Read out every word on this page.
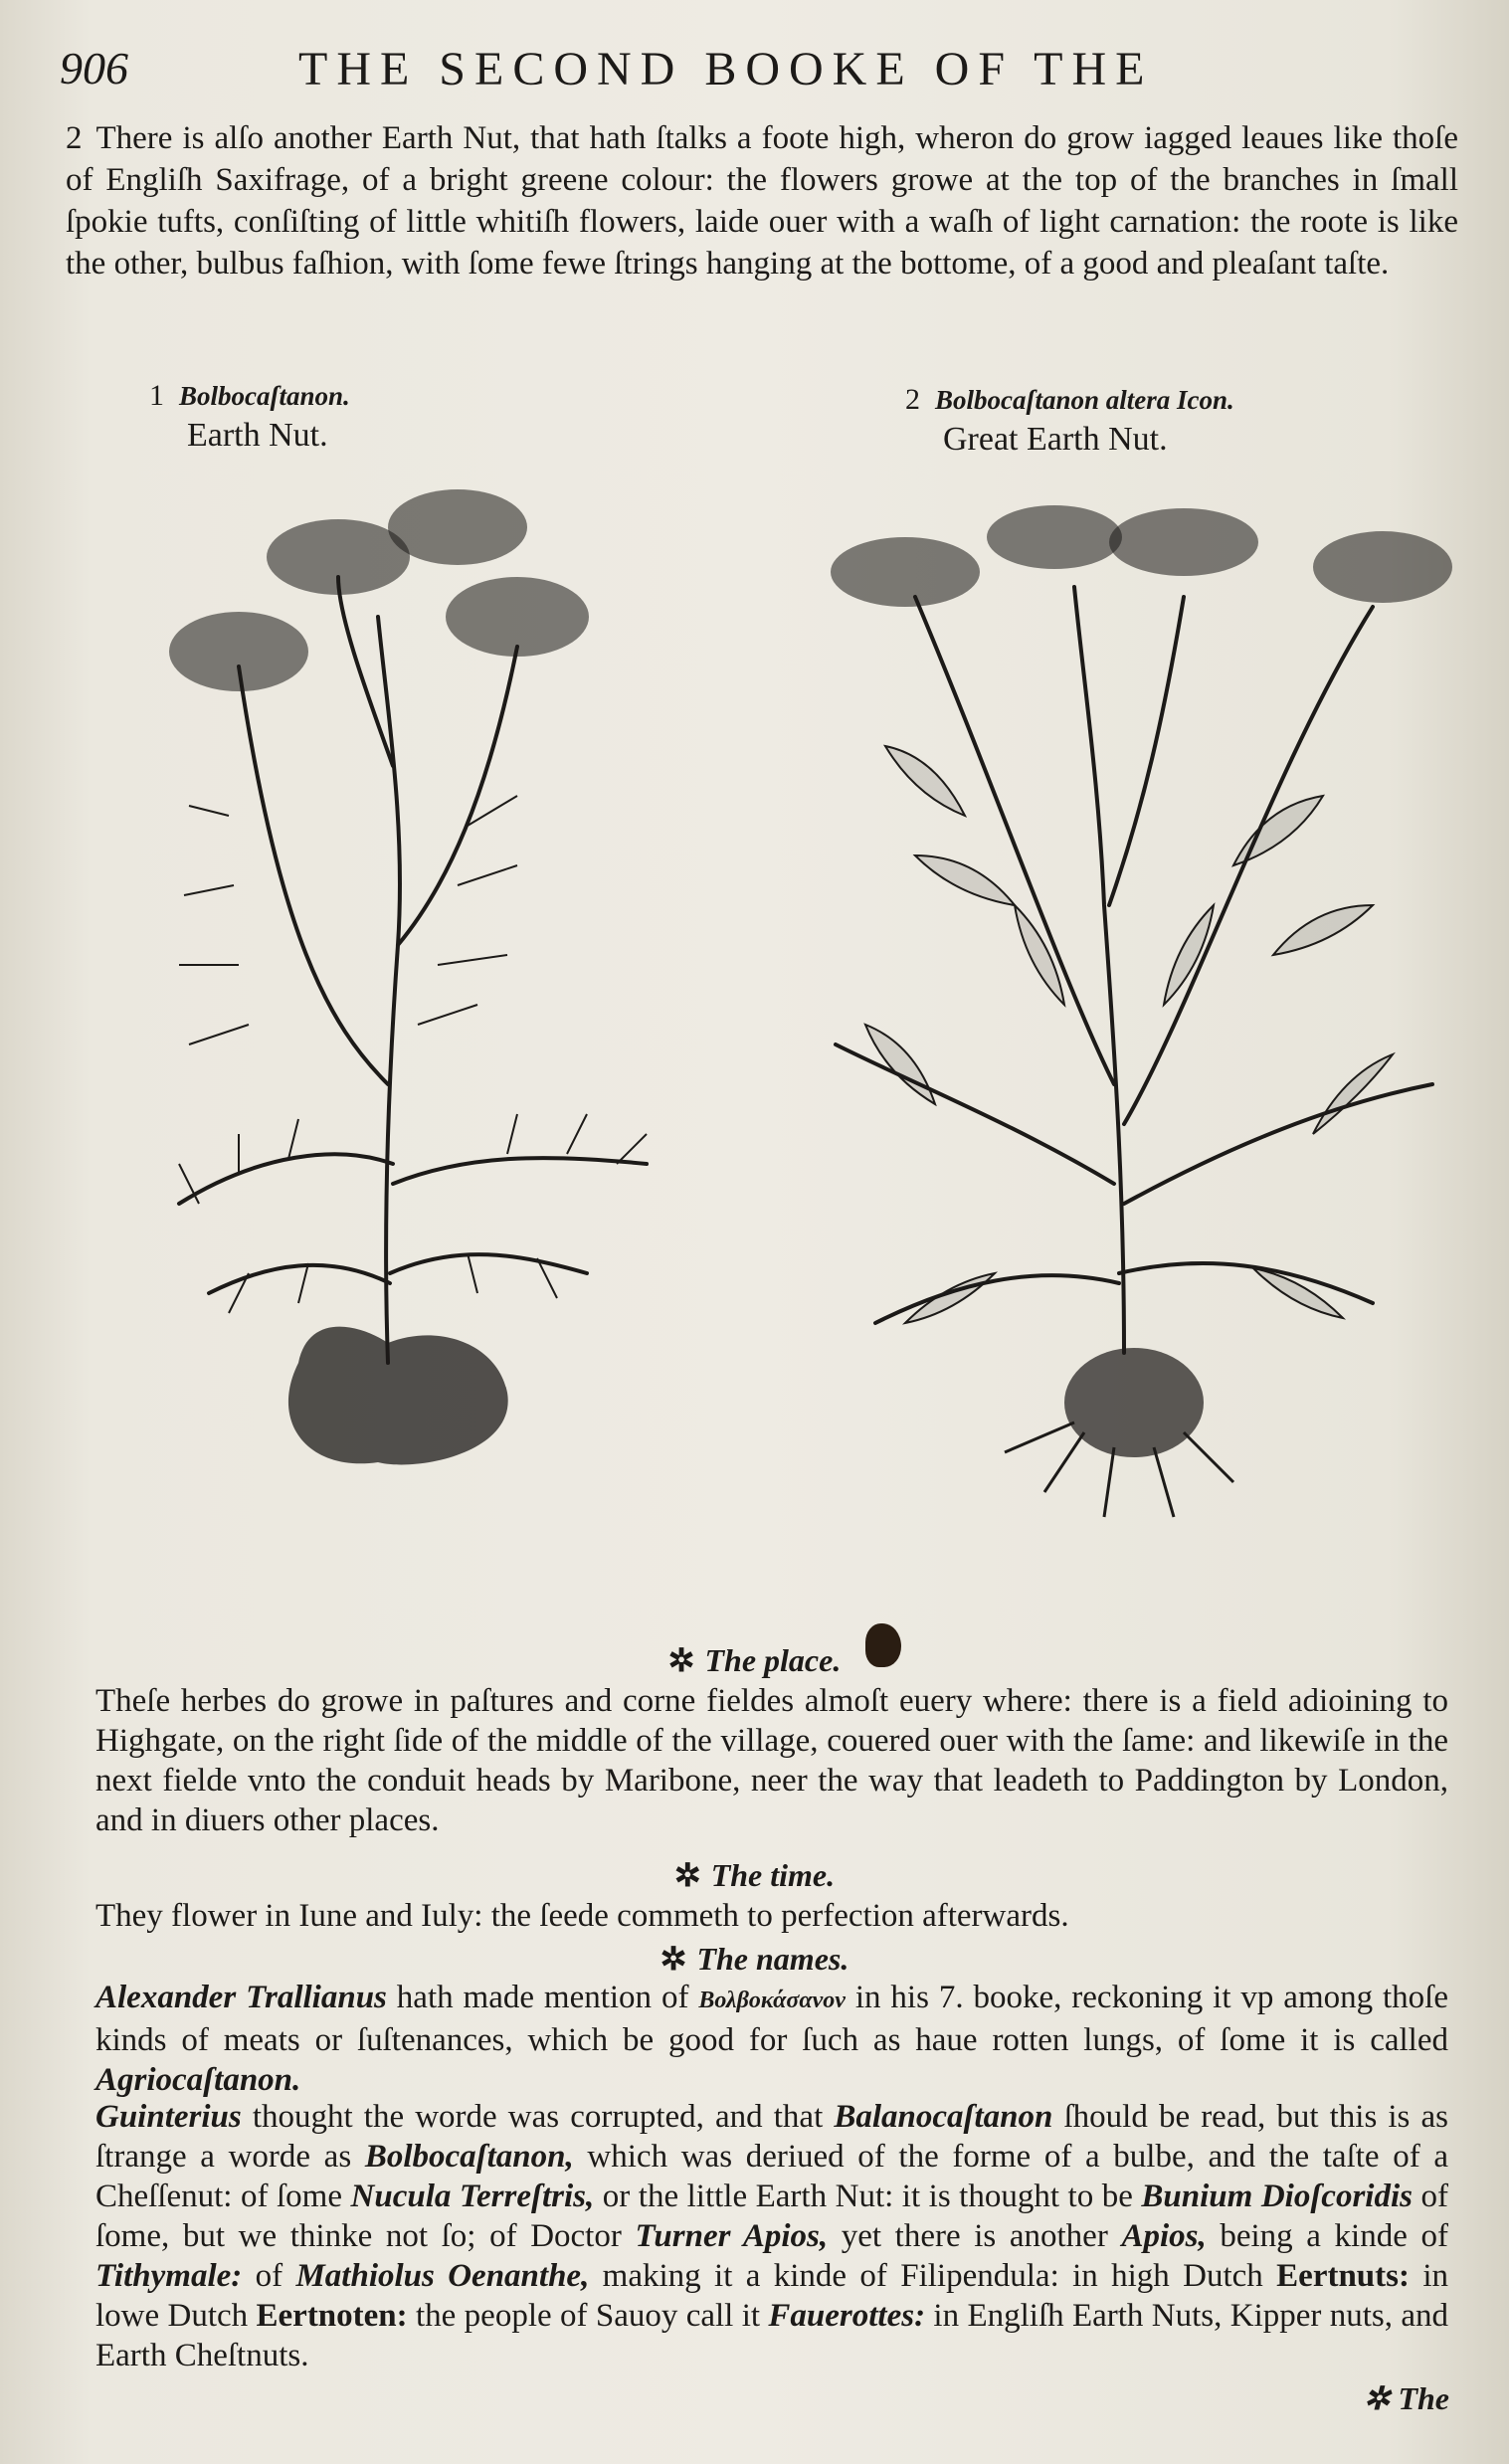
906	THE SECOND BOOKE OF THE
2 There is alſo another Earth Nut, that hath ſtalks a foote high, wheron do grow iagged leaues like thoſe of Engliſh Saxifrage, of a bright greene colour: the flowers growe at the top of the branches in ſmall ſpokie tufts, conſiſting of little whitiſh flowers, laide ouer with a waſh of light carnation: the roote is like the other, bulbus faſhion, with ſome fewe ſtrings hanging at the bottome, of a good and pleaſant taſte.
1 Bolbocaſtanon.
Earth Nut.
2 Bolbocaſtanon altera Icon.
Great Earth Nut.
✲ The place.
Theſe herbes do growe in paſtures and corne fieldes almoſt euery where: there is a field adioining to Highgate, on the right ſide of the middle of the village, couered ouer with the ſame: and likewiſe in the next fielde vnto the conduit heads by Maribone, neer the way that leadeth to Paddington by London, and in diuers other places.
✲ The time.
They flower in Iune and Iuly: the ſeede commeth to perfection afterwards.
✲ The names.
Alexander Trallianus hath made mention of Βολβοκάσανον in his 7. booke, reckoning it vp among thoſe kinds of meats or ſuſtenances, which be good for ſuch as haue rotten lungs, of ſome it is called Agriocaſtanon.
Guinterius thought the worde was corrupted, and that Balanocaſtanon ſhould be read, but this is as ſtrange a worde as Bolbocaſtanon, which was deriued of the forme of a bulbe, and the taſte of a Cheſſenut: of ſome Nucula Terreſtris, or the little Earth Nut: it is thought to be Bunium Dioſcoridis of ſome, but we thinke not ſo; of Doctor Turner Apios, yet there is another Apios, being a kinde of Tithymale: of Mathiolus Oenanthe, making it a kinde of Filipendula: in high Dutch Eertnuts: in lowe Dutch Eertnoten: the people of Sauoy call it Fauerottes: in Engliſh Earth Nuts, Kipper nuts, and Earth Cheſtnuts.
✲ The
